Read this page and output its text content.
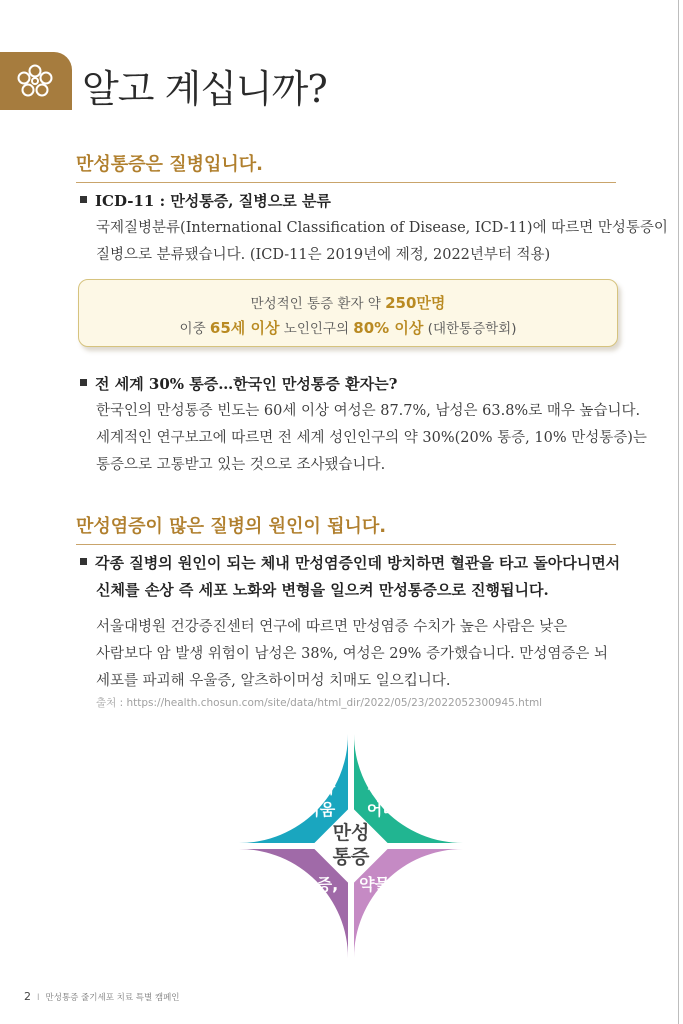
알고 계십니까?
만성통증은 질병입니다.
ICD-11 : 만성통증, 질병으로 분류

국제질병분류(International Classification of Disease, ICD-11)에 따르면 만성통증이

질병으로 분류됐습니다. (ICD-11은 2019년에 제정, 2022년부터 적용)

만성적인 통증 환자 약 250만명
이중 65세 이상 노인인구의 80% 이상 (대한통증학회)
전 세계 30% 통증…한국인 만성통증 환자는?

한국인의 만성통증 빈도는 60세 이상 여성은 87.7%, 남성은 63.8%로 매우 높습니다.

세계적인 연구보고에 따르면 전 세계 성인인구의 약 30%(20% 통증, 10% 만성통증)는

통증으로 고통받고 있는 것으로 조사됐습니다.

만성염증이 많은 질병의 원인이 됩니다.

각종 질병의 원인이 되는 체내 만성염증인데 방치하면 혈관을 타고 돌아다니면서

신체를 손상 즉 세포 노화와 변형을 일으켜 만성통증으로 진행됩니다.

서울대병원 건강증진센터 연구에 따르면 만성염증 수치가 높은 사람은 낮은

사람보다 암 발생 위험이 남성은 38%, 여성은 29% 증가했습니다. 만성염증은 뇌

세포를 파괴해 우울증, 알츠하이머성 치매도 일으킵니다.

출처 : https://health.chosun.com/site/data/html_dir/2022/05/23/2022052300945.html
만성
통증
치료가
어려움
진단이
어려움
우울증,
불면
약물중독
우려
2 I 만성통증 줄기세포 치료 특별 캠페인
